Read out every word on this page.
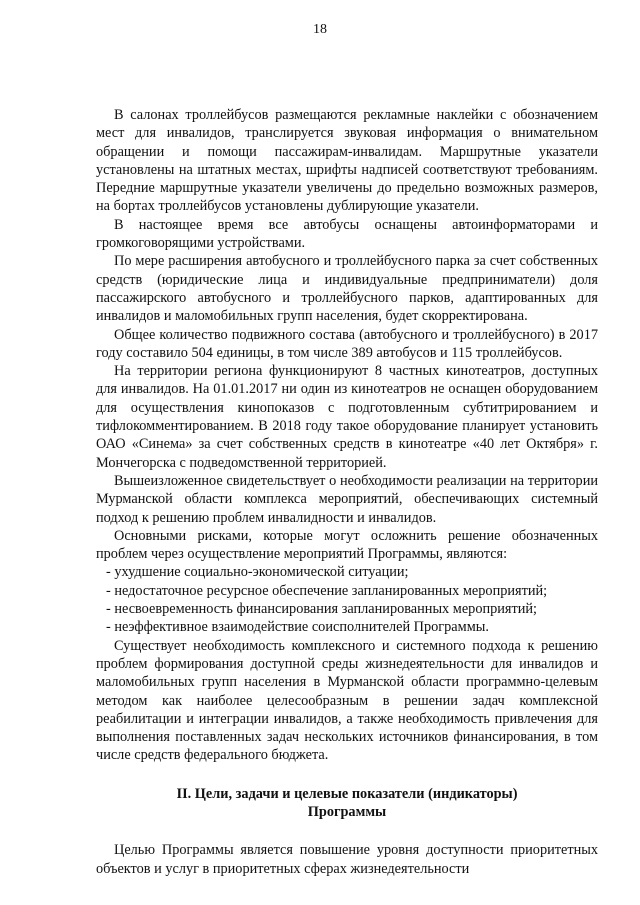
18

В салонах троллейбусов размещаются рекламные наклейки с обозначением мест для инвалидов, транслируется звуковая информация о внимательном обращении и помощи пассажирам-инвалидам. Маршрутные указатели установлены на штатных местах, шрифты надписей соответствуют требованиям. Передние маршрутные указатели увеличены до предельно возможных размеров, на бортах троллейбусов установлены дублирующие указатели.

В настоящее время все автобусы оснащены автоинформаторами и громкоговорящими устройствами.

По мере расширения автобусного и троллейбусного парка за счет собственных средств (юридические лица и индивидуальные предприниматели) доля пассажирского автобусного и троллейбусного парков, адаптированных для инвалидов и маломобильных групп населения, будет скорректирована.

Общее количество подвижного состава (автобусного и троллейбусного) в 2017 году составило 504 единицы, в том числе 389 автобусов и 115 троллейбусов.

На территории региона функционируют 8 частных кинотеатров, доступных для инвалидов. На 01.01.2017 ни один из кинотеатров не оснащен оборудованием для осуществления кинопоказов с подготовленным субтитрированием и тифлокомментированием. В 2018 году такое оборудование планирует установить ОАО «Синема» за счет собственных средств в кинотеатре «40 лет Октября» г. Мончегорска с подведомственной территорией.

Вышеизложенное свидетельствует о необходимости реализации на территории Мурманской области комплекса мероприятий, обеспечивающих системный подход к решению проблем инвалидности и инвалидов.

Основными рисками, которые могут осложнить решение обозначенных проблем через осуществление мероприятий Программы, являются:

- ухудшение социально-экономической ситуации;

- недостаточное ресурсное обеспечение запланированных мероприятий;

- несвоевременность финансирования запланированных мероприятий;

- неэффективное взаимодействие соисполнителей Программы.

Существует необходимость комплексного и системного подхода к решению проблем формирования доступной среды жизнедеятельности для инвалидов и маломобильных групп населения в Мурманской области программно-целевым методом как наиболее целесообразным в решении задач комплексной реабилитации и интеграции инвалидов, а также необходимость привлечения для выполнения поставленных задач нескольких источников финансирования, в том числе средств федерального бюджета.

II. Цели, задачи и целевые показатели (индикаторы)
Программы

Целью Программы является повышение уровня доступности приоритетных объектов и услуг в приоритетных сферах жизнедеятельности
